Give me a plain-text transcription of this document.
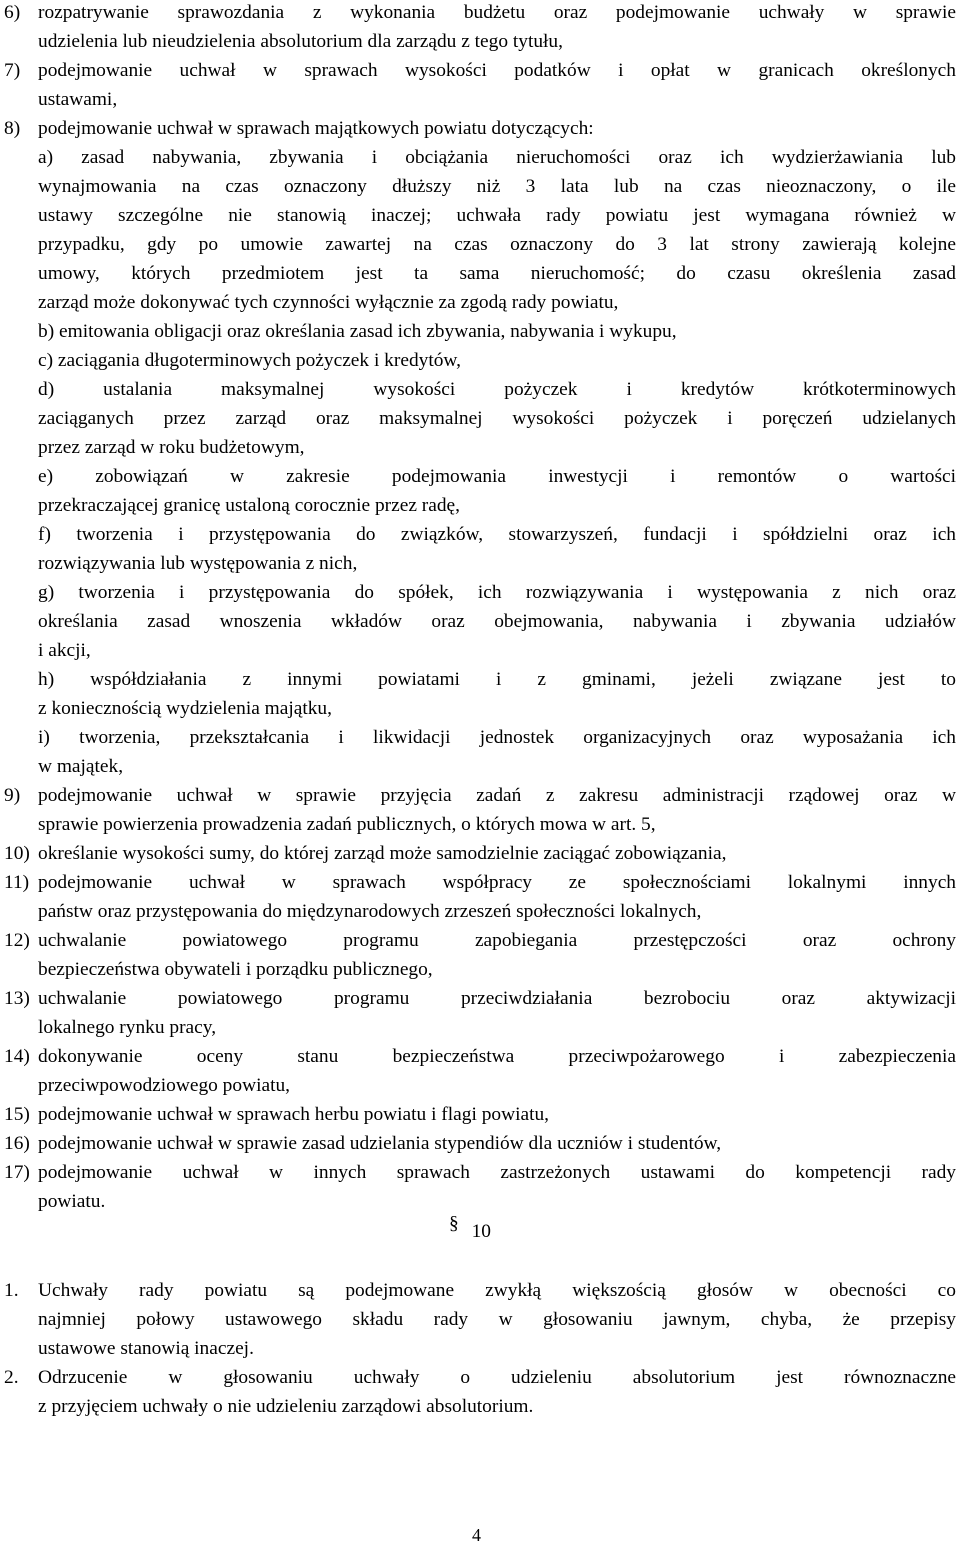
6) rozpatrywanie sprawozdania z wykonania budżetu oraz podejmowanie uchwały w sprawie
udzielenia lub nieudzielenia absolutorium dla zarządu z tego tytułu,
7) podejmowanie uchwał w sprawach wysokości podatków i opłat w granicach określonych
ustawami,
8) podejmowanie uchwał w sprawach majątkowych powiatu dotyczących:
a) zasad nabywania, zbywania i obciążania nieruchomości oraz ich wydzierżawiania lub
wynajmowania na czas oznaczony dłuższy niż 3 lata lub na czas nieoznaczony, o ile
ustawy szczególne nie stanowią inaczej; uchwała rady powiatu jest wymagana również w
przypadku, gdy po umowie zawartej na czas oznaczony do 3 lat strony zawierają kolejne
umowy, których przedmiotem jest ta sama nieruchomość; do czasu określenia zasad
zarząd może dokonywać tych czynności wyłącznie za zgodą rady powiatu,
b) emitowania obligacji oraz określania zasad ich zbywania, nabywania i wykupu,
c) zaciągania długoterminowych pożyczek i kredytów,
d) ustalania maksymalnej wysokości pożyczek i kredytów krótkoterminowych
zaciąganych przez zarząd oraz maksymalnej wysokości pożyczek i poręczeń udzielanych
przez zarząd w roku budżetowym,
e) zobowiązań w zakresie podejmowania inwestycji i remontów o wartości
przekraczającej granicę ustaloną corocznie przez radę,
f) tworzenia i przystępowania do związków, stowarzyszeń, fundacji i spółdzielni oraz ich
rozwiązywania lub występowania z nich,
g) tworzenia i przystępowania do spółek, ich rozwiązywania i występowania z nich oraz
określania zasad wnoszenia wkładów oraz obejmowania, nabywania i zbywania udziałów
i akcji,
h) współdziałania z innymi powiatami i z gminami, jeżeli związane jest to
z koniecznością wydzielenia majątku,
i) tworzenia, przekształcania i likwidacji jednostek organizacyjnych oraz wyposażania ich
w majątek,
9) podejmowanie uchwał w sprawie przyjęcia zadań z zakresu administracji rządowej oraz w
sprawie powierzenia prowadzenia zadań publicznych, o których mowa w art. 5,
10) określanie wysokości sumy, do której zarząd może samodzielnie zaciągać zobowiązania,
11) podejmowanie uchwał w sprawach współpracy ze społecznościami lokalnymi innych
państw oraz przystępowania do międzynarodowych zrzeszeń społeczności lokalnych,
12) uchwalanie powiatowego programu zapobiegania przestępczości oraz ochrony
bezpieczeństwa obywateli i porządku publicznego,
13) uchwalanie powiatowego programu przeciwdziałania bezrobociu oraz aktywizacji
lokalnego rynku pracy,
14) dokonywanie oceny stanu bezpieczeństwa przeciwpożarowego i zabezpieczenia
przeciwpowodziowego powiatu,
15) podejmowanie uchwał w sprawach herbu powiatu i flagi powiatu,
16) podejmowanie uchwał w sprawie zasad udzielania stypendiów dla uczniów i studentów,
17) podejmowanie uchwał w innych sprawach zastrzeżonych ustawami do kompetencji rady
powiatu.
§ 10
1. Uchwały rady powiatu są podejmowane zwykłą większością głosów w obecności co
najmniej połowy ustawowego składu rady w głosowaniu jawnym, chyba, że przepisy
ustawowe stanowią inaczej.
2. Odrzucenie w głosowaniu uchwały o udzieleniu absolutorium jest równoznaczne
z przyjęciem uchwały o nie udzieleniu zarządowi absolutorium.
4
